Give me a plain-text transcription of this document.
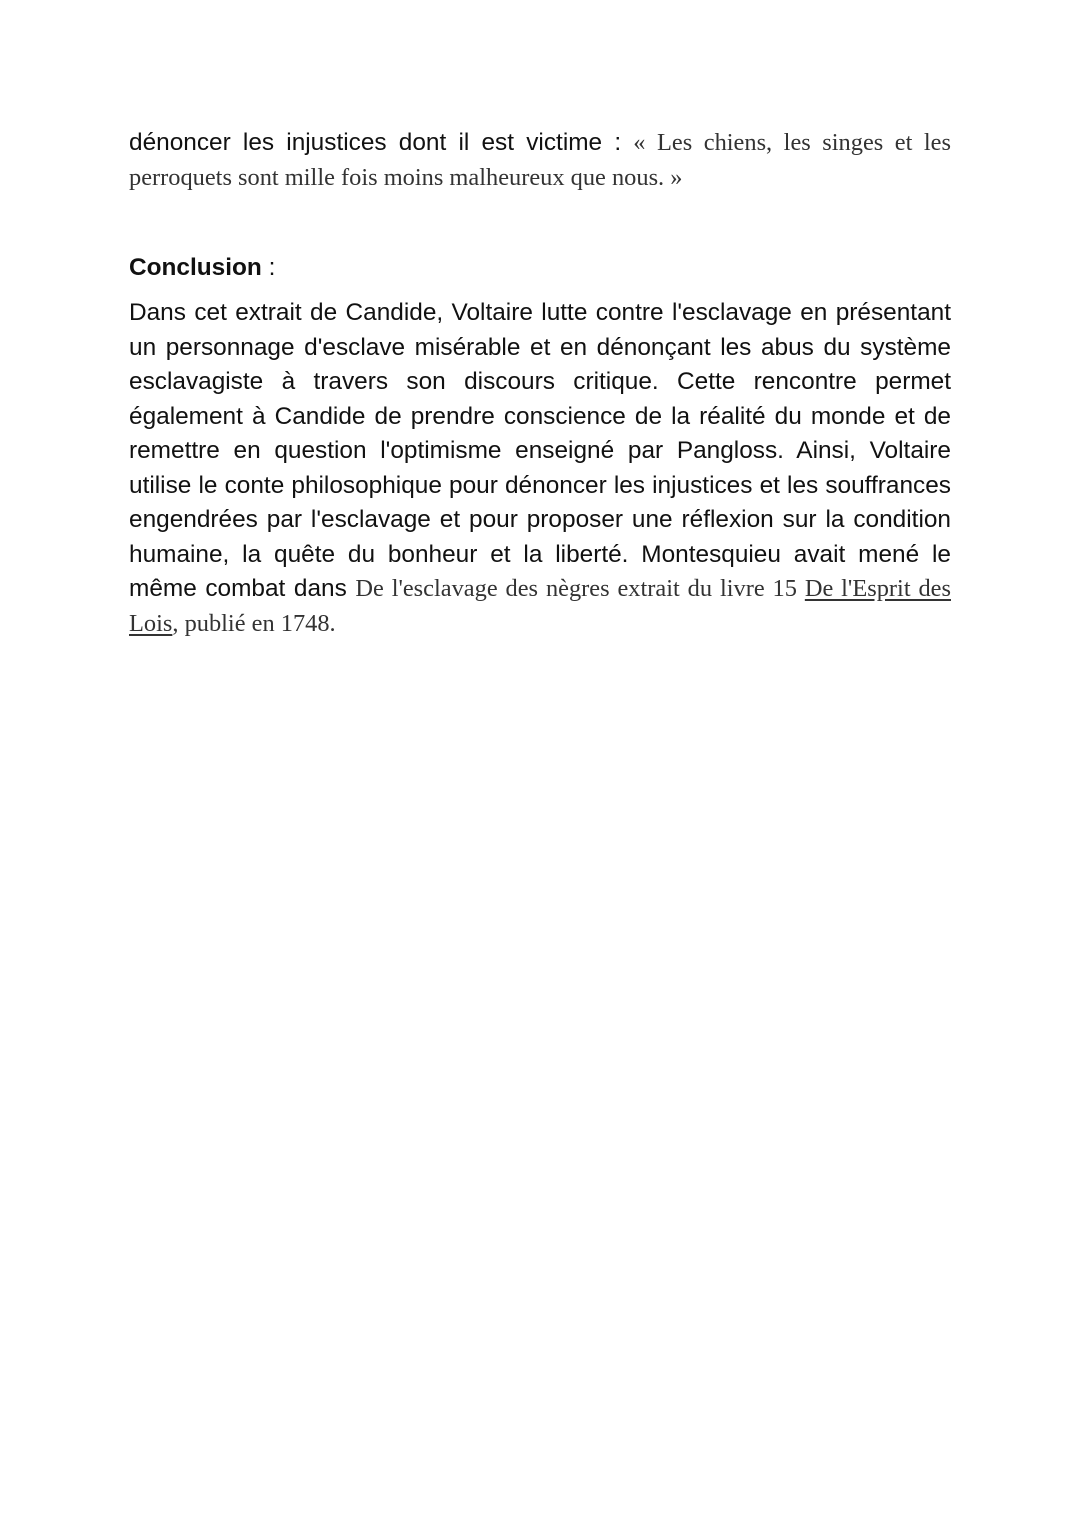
dénoncer les injustices dont il est victime : « Les chiens, les singes et les perroquets sont mille fois moins malheureux que nous. »

Conclusion :

Dans cet extrait de Candide, Voltaire lutte contre l'esclavage en présentant un personnage d'esclave misérable et en dénonçant les abus du système esclavagiste à travers son discours critique. Cette rencontre permet également à Candide de prendre conscience de la réalité du monde et de remettre en question l'optimisme enseigné par Pangloss. Ainsi, Voltaire utilise le conte philosophique pour dénoncer les injustices et les souffrances engendrées par l'esclavage et pour proposer une réflexion sur la condition humaine, la quête du bonheur et la liberté. Montesquieu avait mené le même combat dans De l'esclavage des nègres extrait du livre 15 De l'Esprit des Lois, publié en 1748.
